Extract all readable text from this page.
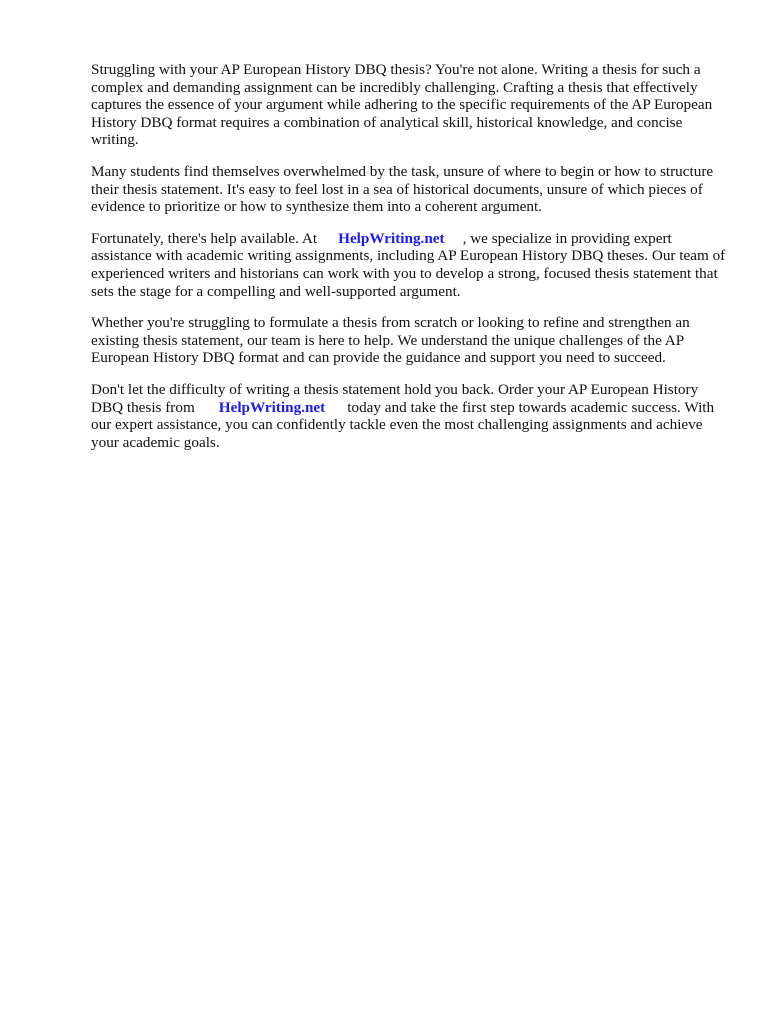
Struggling with your AP European History DBQ thesis? You're not alone. Writing a thesis for such a complex and demanding assignment can be incredibly challenging. Crafting a thesis that effectively captures the essence of your argument while adhering to the specific requirements of the AP European History DBQ format requires a combination of analytical skill, historical knowledge, and concise writing.

Many students find themselves overwhelmed by the task, unsure of where to begin or how to structure their thesis statement. It's easy to feel lost in a sea of historical documents, unsure of which pieces of evidence to prioritize or how to synthesize them into a coherent argument.

Fortunately, there's help available. At HelpWriting.net , we specialize in providing expert assistance with academic writing assignments, including AP European History DBQ theses. Our team of experienced writers and historians can work with you to develop a strong, focused thesis statement that sets the stage for a compelling and well-supported argument.

Whether you're struggling to formulate a thesis from scratch or looking to refine and strengthen an existing thesis statement, our team is here to help. We understand the unique challenges of the AP European History DBQ format and can provide the guidance and support you need to succeed.

Don't let the difficulty of writing a thesis statement hold you back. Order your AP European History DBQ thesis from HelpWriting.net today and take the first step towards academic success. With our expert assistance, you can confidently tackle even the most challenging assignments and achieve your academic goals.
